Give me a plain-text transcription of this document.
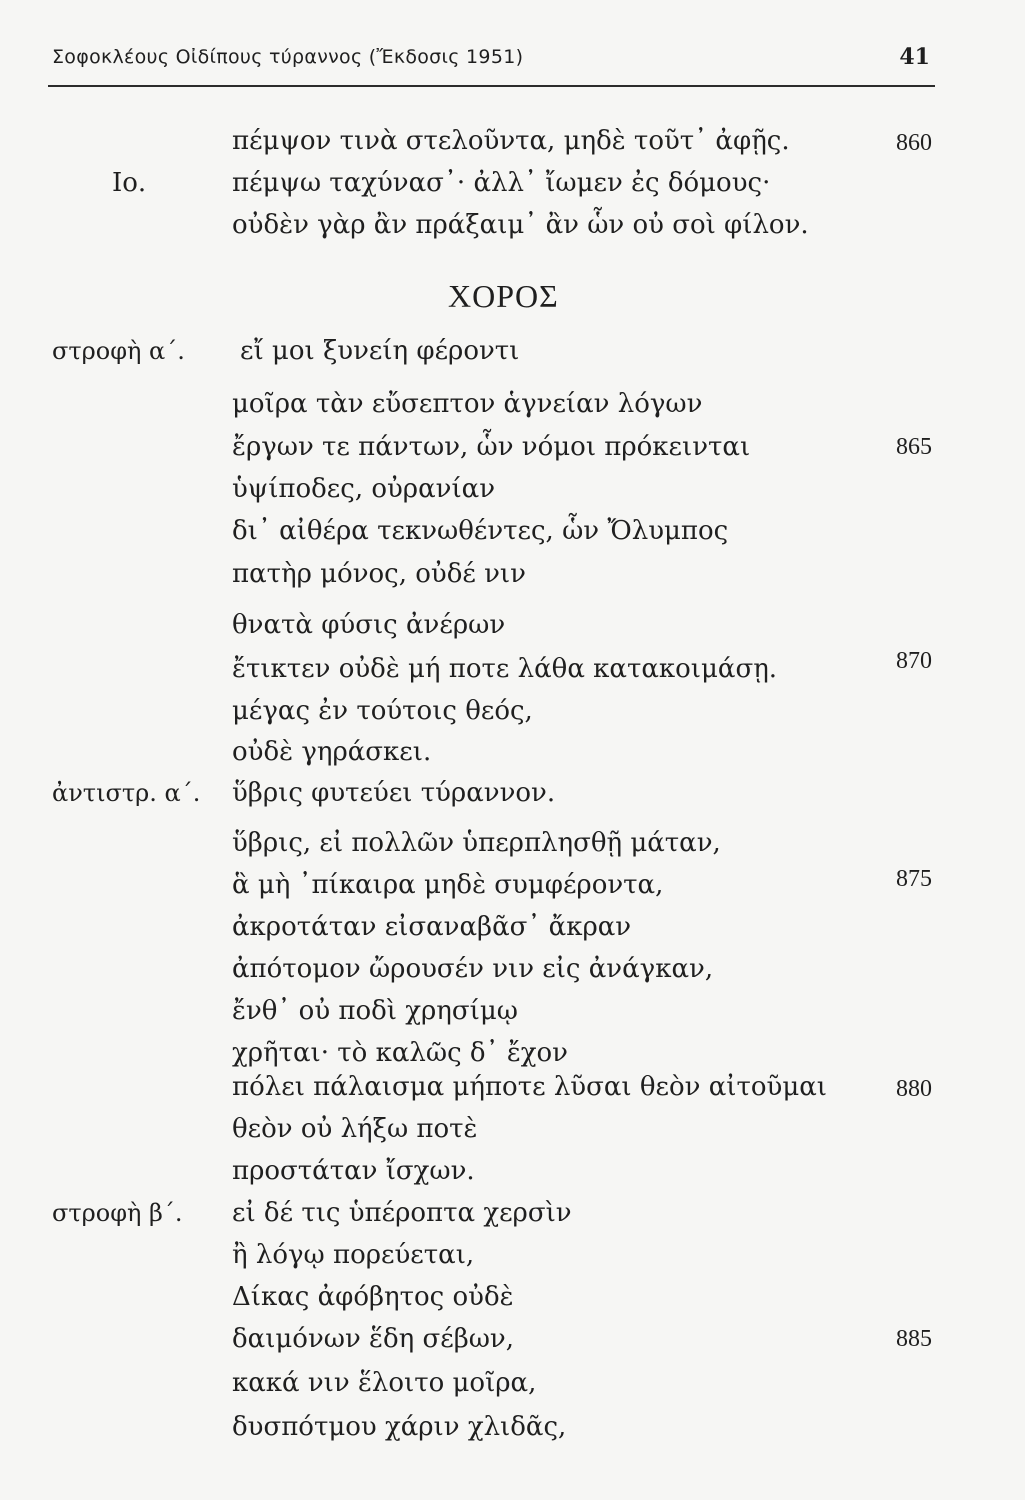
Σοφοκλέους Οἰδίπους τύραννος (Ἔκδοσις 1951)	41
Ιο.
ΧΟΡΟΣ
στροφὴ α΄.
ἀντιστρ. α΄.
στροφὴ β΄.
πέμψον τινὰ στελοῦντα, μηδὲ τοῦτ᾽ ἀφῇς.
πέμψω ταχύνασ᾽· ἀλλ᾽ ἴωμεν ἐς δόμους·
οὐδὲν γὰρ ἂν πράξαιμ᾽ ἂν ὧν οὐ σοὶ φίλον.
εἴ μοι ξυνείη φέροντι
μοῖρα τὰν εὔσεπτον ἁγνείαν λόγων
ἔργων τε πάντων, ὧν νόμοι πρόκεινται
ὑψίποδες, οὐρανίαν
δι᾽ αἰθέρα τεκνωθέντες, ὧν Ὄλυμπος
πατὴρ μόνος, οὐδέ νιν
θνατὰ φύσις ἀνέρων
ἔτικτεν οὐδὲ μή ποτε λάθα κατακοιμάσῃ.
μέγας ἐν τούτοις θεός,
οὐδὲ γηράσκει.
ὕβρις φυτεύει τύραννον.
ὕβρις, εἰ πολλῶν ὑπερπλησθῇ μάταν,
ἃ μὴ ᾽πίκαιρα μηδὲ συμφέροντα,
ἀκροτάταν εἰσαναβᾶσ᾽ ἄκραν
ἀπότομον ὤρουσέν νιν εἰς ἀνάγκαν,
ἔνθ᾽ οὐ ποδὶ χρησίμῳ
χρῆται· τὸ καλῶς δ᾽ ἔχον
πόλει πάλαισμα μήποτε λῦσαι θεὸν αἰτοῦμαι
θεὸν οὐ λήξω ποτὲ
προστάταν ἴσχων.
εἰ δέ τις ὑπέροπτα χερσὶν
ἢ λόγῳ πορεύεται,
Δίκας ἀφόβητος οὐδὲ
δαιμόνων ἕδη σέβων,
κακά νιν ἕλοιτο μοῖρα,
δυσπότμου χάριν χλιδᾶς,
860
865
870
875
880
885
